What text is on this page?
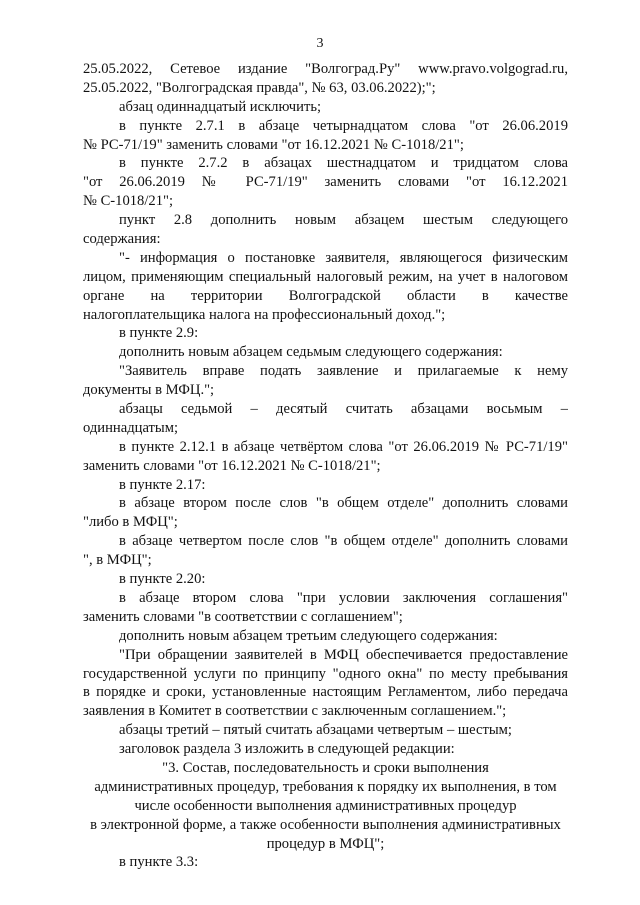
3
25.05.2022, Сетевое издание "Волгоград.Ру" www.pravo.volgograd.ru,
25.05.2022, "Волгоградская правда", № 63, 03.06.2022);";
абзац одиннадцатый исключить;
в пункте 2.7.1 в абзаце четырнадцатом слова "от 26.06.2019
№ РС-71/19" заменить словами "от 16.12.2021 № С-1018/21";
в пункте 2.7.2 в абзацах шестнадцатом и тридцатом слова
"от 26.06.2019 № РС-71/19" заменить словами "от 16.12.2021
№ С-1018/21";
пункт 2.8 дополнить новым абзацем шестым следующего
содержания:
"- информация о постановке заявителя, являющегося физическим
лицом, применяющим специальный налоговый режим, на учет в налоговом
органе на территории Волгоградской области в качестве
налогоплательщика налога на профессиональный доход.";
в пункте 2.9:
дополнить новым абзацем седьмым следующего содержания:
"Заявитель вправе подать заявление и прилагаемые к нему
документы в МФЦ.";
абзацы седьмой – десятый считать абзацами восьмым –
одиннадцатым;
в пункте 2.12.1 в абзаце четвёртом слова "от 26.06.2019 № РС-71/19"
заменить словами "от 16.12.2021 № С-1018/21";
в пункте 2.17:
в абзаце втором после слов "в общем отделе" дополнить словами
"либо в МФЦ";
в абзаце четвертом после слов "в общем отделе" дополнить словами
", в МФЦ";
в пункте 2.20:
в абзаце втором слова "при условии заключения соглашения"
заменить словами "в соответствии с соглашением";
дополнить новым абзацем третьим следующего содержания:
"При обращении заявителей в МФЦ обеспечивается предоставление
государственной услуги по принципу "одного окна" по месту пребывания
в порядке и сроки, установленные настоящим Регламентом, либо передача
заявления в Комитет в соответствии с заключенным соглашением.";
абзацы третий – пятый считать абзацами четвертым – шестым;
заголовок раздела 3 изложить в следующей редакции:
"3. Состав, последовательность и сроки выполнения
административных процедур, требования к порядку их выполнения, в том
числе особенности выполнения административных процедур
в электронной форме, а также особенности выполнения административных
процедур в МФЦ";
в пункте 3.3:
